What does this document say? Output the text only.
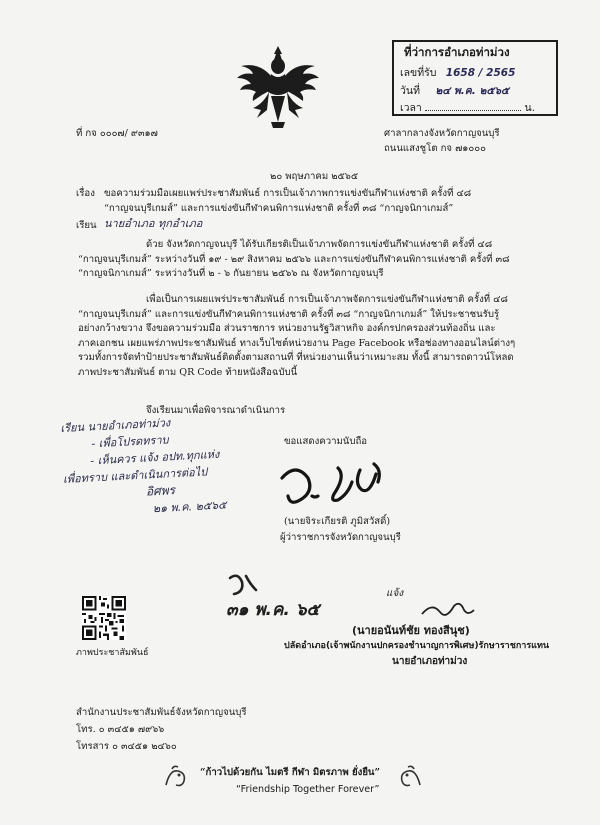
ที่ว่าการอำเภอท่าม่วง
เลขที่รับ 1658 / 2565
วันที่ ๒๔ พ.ค. ๒๕๖๕
เวลา	น.
ที่ กจ ๐๐๐๗/ ๙๓๑๗	ศาลากลางจังหวัดกาญจนบุรี
ถนนแสงชูโต กจ ๗๑๐๐๐
๒๐ พฤษภาคม ๒๕๖๕
เรื่อง ขอความร่วมมือเผยแพร่ประชาสัมพันธ์ การเป็นเจ้าภาพการแข่งขันกีฬาแห่งชาติ ครั้งที่ ๔๘
“กาญจนบุรีเกมส์” และการแข่งขันกีฬาคนพิการแห่งชาติ ครั้งที่ ๓๘ “กาญจนิกาเกมส์”
เรียน นายอำเภอ ทุกอำเภอ
ด้วย จังหวัดกาญจนบุรี ได้รับเกียรติเป็นเจ้าภาพจัดการแข่งขันกีฬาแห่งชาติ ครั้งที่ ๔๘
“กาญจนบุรีเกมส์” ระหว่างวันที่ ๑๙ - ๒๙ สิงหาคม ๒๕๖๖ และการแข่งขันกีฬาคนพิการแห่งชาติ ครั้งที่ ๓๘
“กาญจนิกาเกมส์” ระหว่างวันที่ ๒ - ๖ กันยายน ๒๕๖๖ ณ จังหวัดกาญจนบุรี
เพื่อเป็นการเผยแพร่ประชาสัมพันธ์ การเป็นเจ้าภาพจัดการแข่งขันกีฬาแห่งชาติ ครั้งที่ ๔๘
“กาญจนบุรีเกมส์” และการแข่งขันกีฬาคนพิการแห่งชาติ ครั้งที่ ๓๘ “กาญจนิกาเกมส์” ให้ประชาชนรับรู้
อย่างกว้างขวาง จึงขอความร่วมมือ ส่วนราชการ หน่วยงานรัฐวิสาหกิจ องค์กรปกครองส่วนท้องถิ่น และ
ภาคเอกชน เผยแพร่ภาพประชาสัมพันธ์ ทางเว็บไซต์หน่วยงาน Page Facebook หรือช่องทางออนไลน์ต่างๆ
รวมทั้งการจัดทำป้ายประชาสัมพันธ์ติดตั้งตามสถานที่ ที่หน่วยงานเห็นว่าเหมาะสม ทั้งนี้ สามารถดาวน์โหลด
ภาพประชาสัมพันธ์ ตาม QR Code ท้ายหนังสือฉบับนี้
จึงเรียนมาเพื่อพิจารณาดำเนินการ
เรียน นายอำเภอท่าม่วง
- เพื่อโปรดทราบ
- เห็นควร แจ้ง อปท.ทุกแห่ง
เพื่อทราบ และดำเนินการต่อไป
อิศพร
๒๑ พ.ค. ๒๕๖๕
ขอแสดงความนับถือ
(นายจิระเกียรติ ภูมิสวัสดิ์)
ผู้ว่าราชการจังหวัดกาญจนบุรี
๓๑ พ.ค. ๖๕
แจ้ง
(นายอนันท์ชัย ทองสีนุช)
ปลัดอำเภอ(เจ้าพนักงานปกครองชำนาญการพิเศษ)รักษาราชการแทน
นายอำเภอท่าม่วง
ภาพประชาสัมพันธ์
สำนักงานประชาสัมพันธ์จังหวัดกาญจนบุรี
โทร. ๐ ๓๔๕๑ ๗๙๖๖
โทรสาร ๐ ๓๔๕๑ ๒๔๖๐
“ก้าวไปด้วยกัน ไมตรี กีฬา มิตรภาพ ยั่งยืน”
“Friendship Together Forever”
